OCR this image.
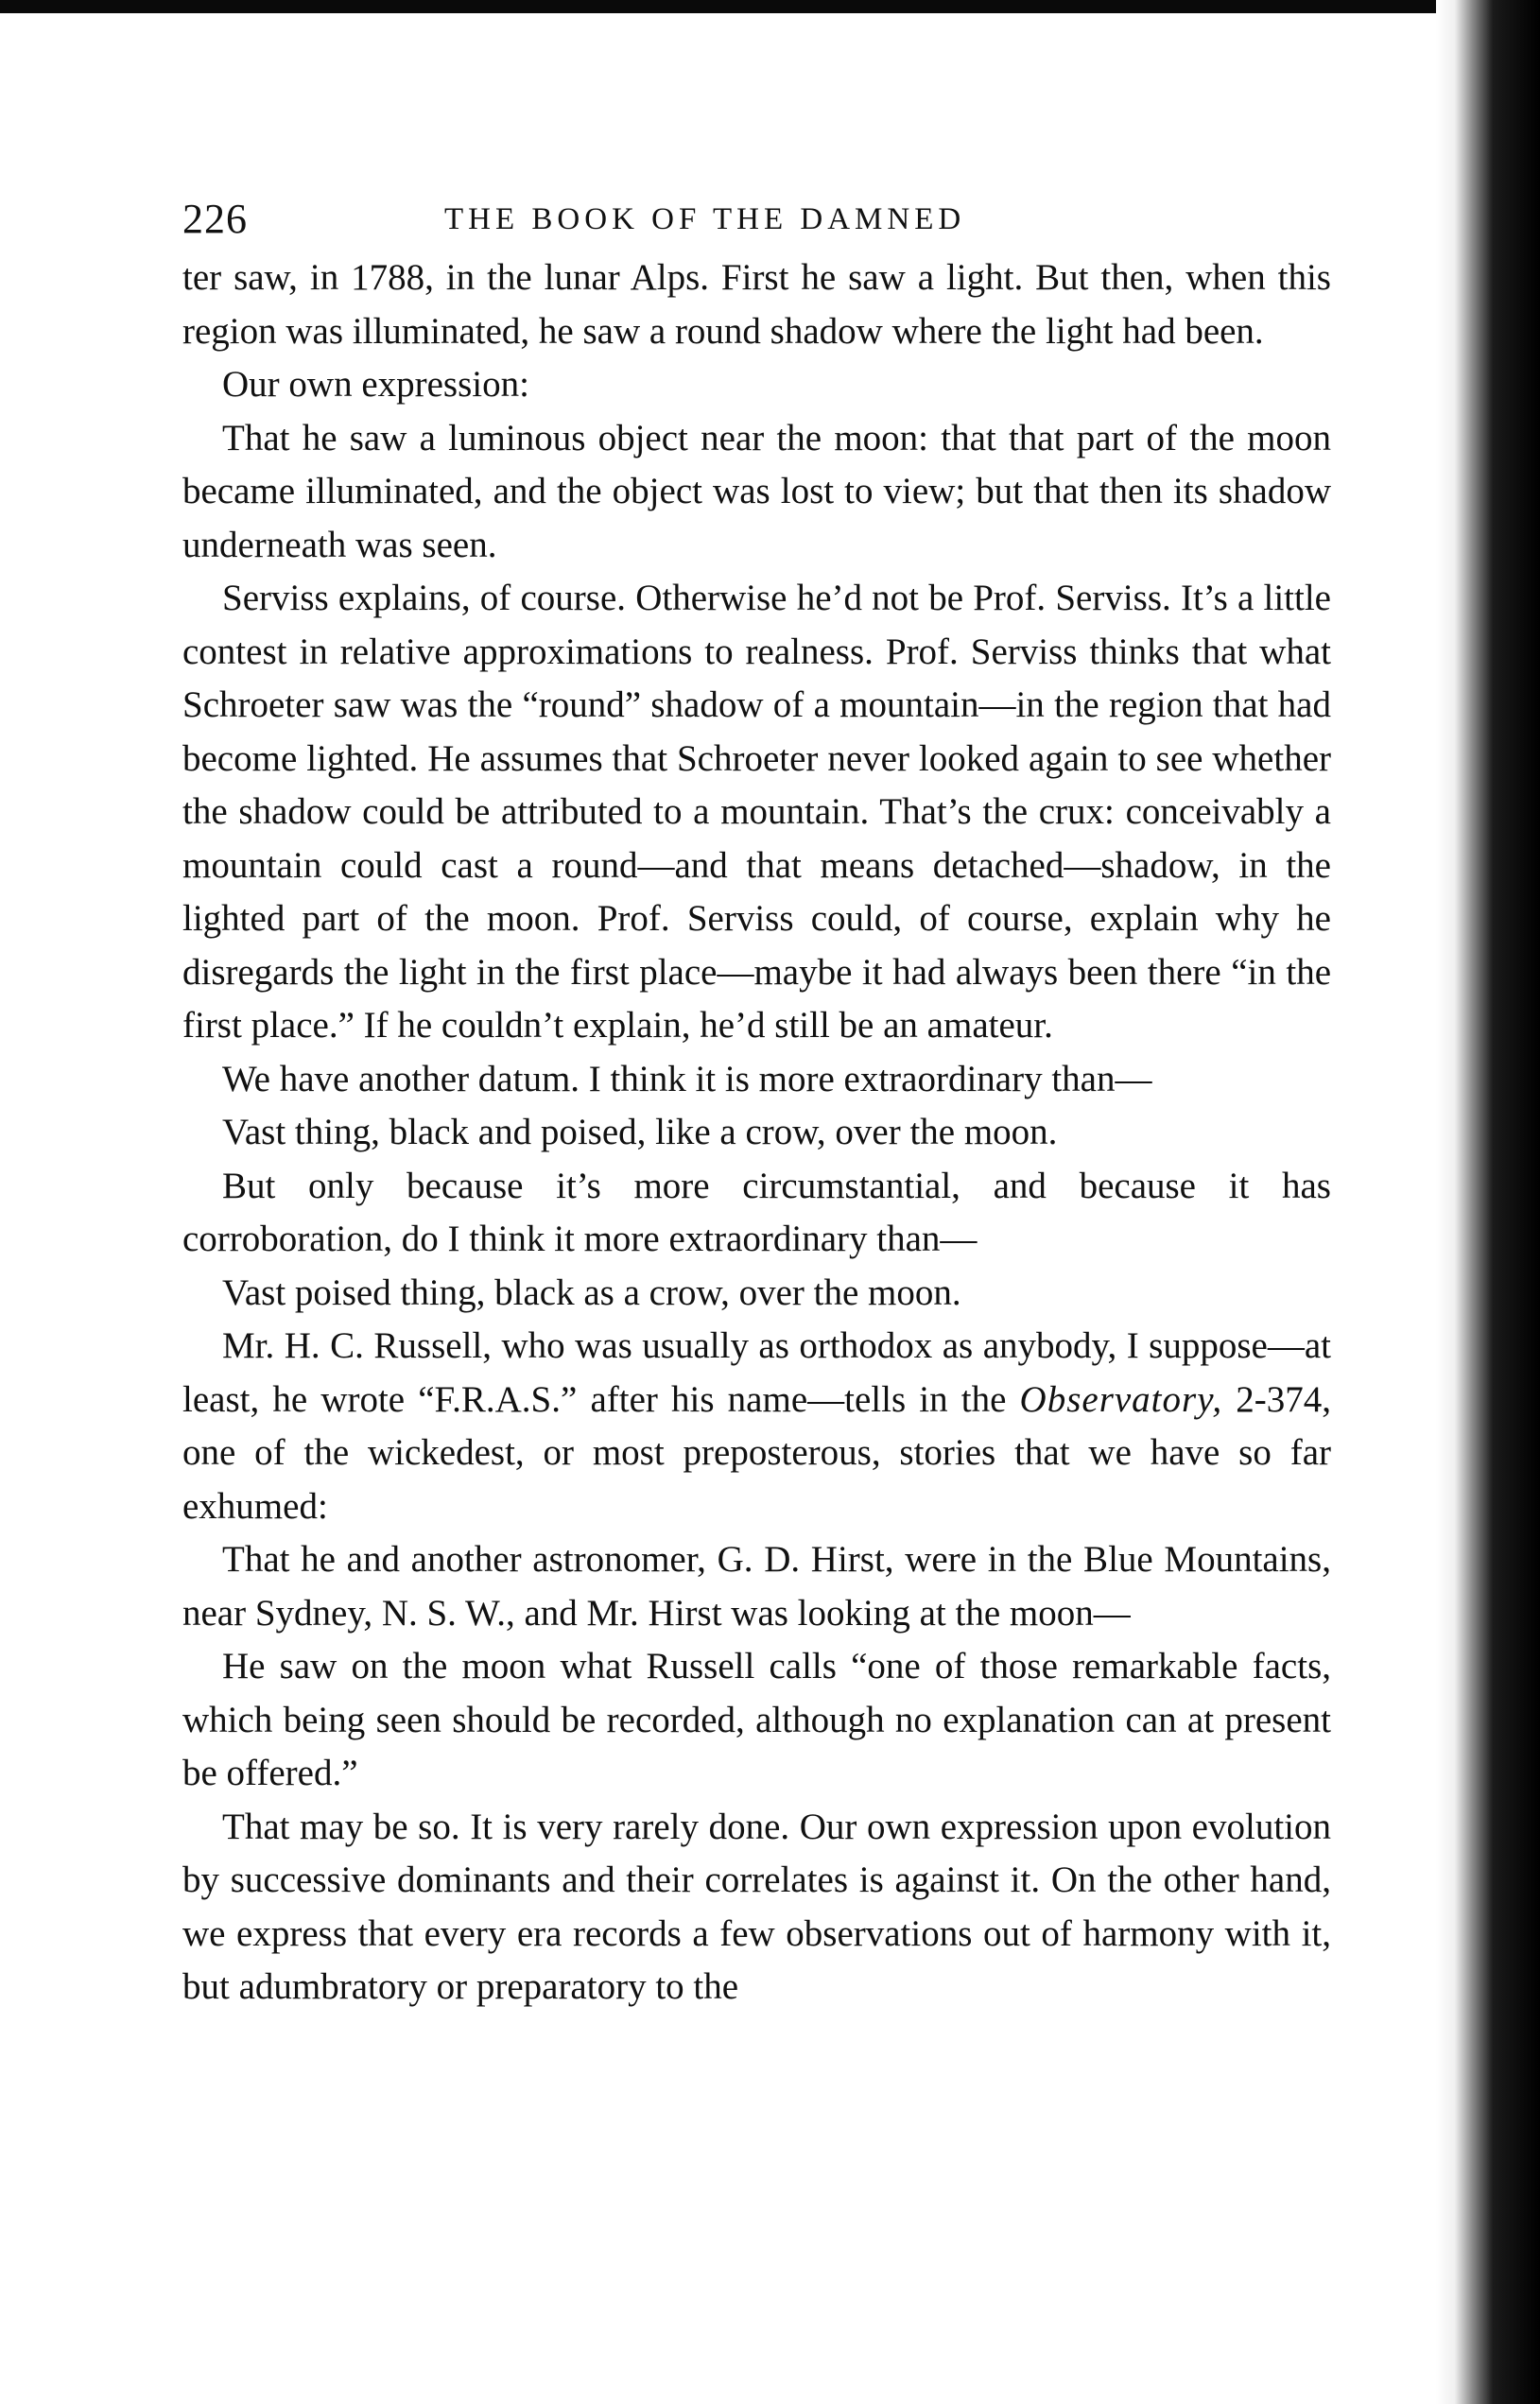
226	THE BOOK OF THE DAMNED

ter saw, in 1788, in the lunar Alps. First he saw a light. But then, when this region was illuminated, he saw a round shadow where the light had been.

Our own expression:

That he saw a luminous object near the moon: that that part of the moon became illuminated, and the object was lost to view; but that then its shadow underneath was seen.

Serviss explains, of course. Otherwise he’d not be Prof. Serviss. It’s a little contest in relative approximations to realness. Prof. Serviss thinks that what Schroeter saw was the “round” shadow of a mountain—in the region that had become lighted. He assumes that Schroeter never looked again to see whether the shadow could be attributed to a mountain. That’s the crux: conceivably a mountain could cast a round—and that means detached—shadow, in the lighted part of the moon. Prof. Serviss could, of course, explain why he disregards the light in the first place—maybe it had always been there “in the first place.” If he couldn’t explain, he’d still be an amateur.

We have another datum. I think it is more extraordinary than—

Vast thing, black and poised, like a crow, over the moon.

But only because it’s more circumstantial, and because it has corroboration, do I think it more extraordinary than—

Vast poised thing, black as a crow, over the moon.

Mr. H. C. Russell, who was usually as orthodox as anybody, I suppose—at least, he wrote “F.R.A.S.” after his name—tells in the Observatory, 2-374, one of the wickedest, or most preposterous, stories that we have so far exhumed:

That he and another astronomer, G. D. Hirst, were in the Blue Mountains, near Sydney, N. S. W., and Mr. Hirst was looking at the moon—

He saw on the moon what Russell calls “one of those remarkable facts, which being seen should be recorded, although no explanation can at present be offered.”

That may be so. It is very rarely done. Our own expression upon evolution by successive dominants and their correlates is against it. On the other hand, we express that every era records a few observations out of harmony with it, but adumbratory or preparatory to the
